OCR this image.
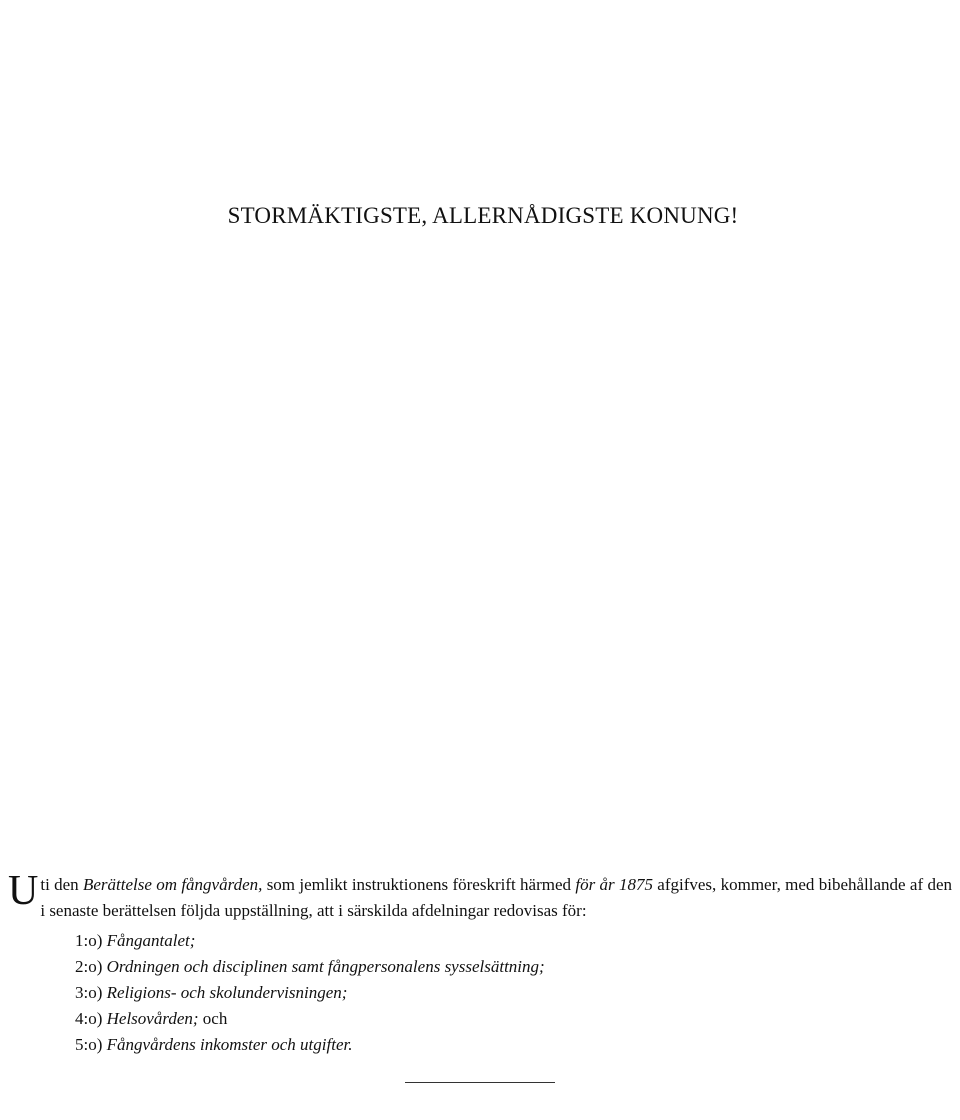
STORMÄKTIGSTE, ALLERNÅDIGSTE KONUNG!

Uti den Berättelse om fångvården, som jemlikt instruktionens föreskrift härmed för år 1875 afgifves, kommer, med bibehållande af den i senaste berättelsen följda uppställning, att i särskilda afdelningar redovisas för:

1:o) Fångantalet;
2:o) Ordningen och disciplinen samt fångpersonalens sysselsättning;
3:o) Religions- och skolundervisningen;
4:o) Helsovården; och
5:o) Fångvårdens inkomster och utgifter.
